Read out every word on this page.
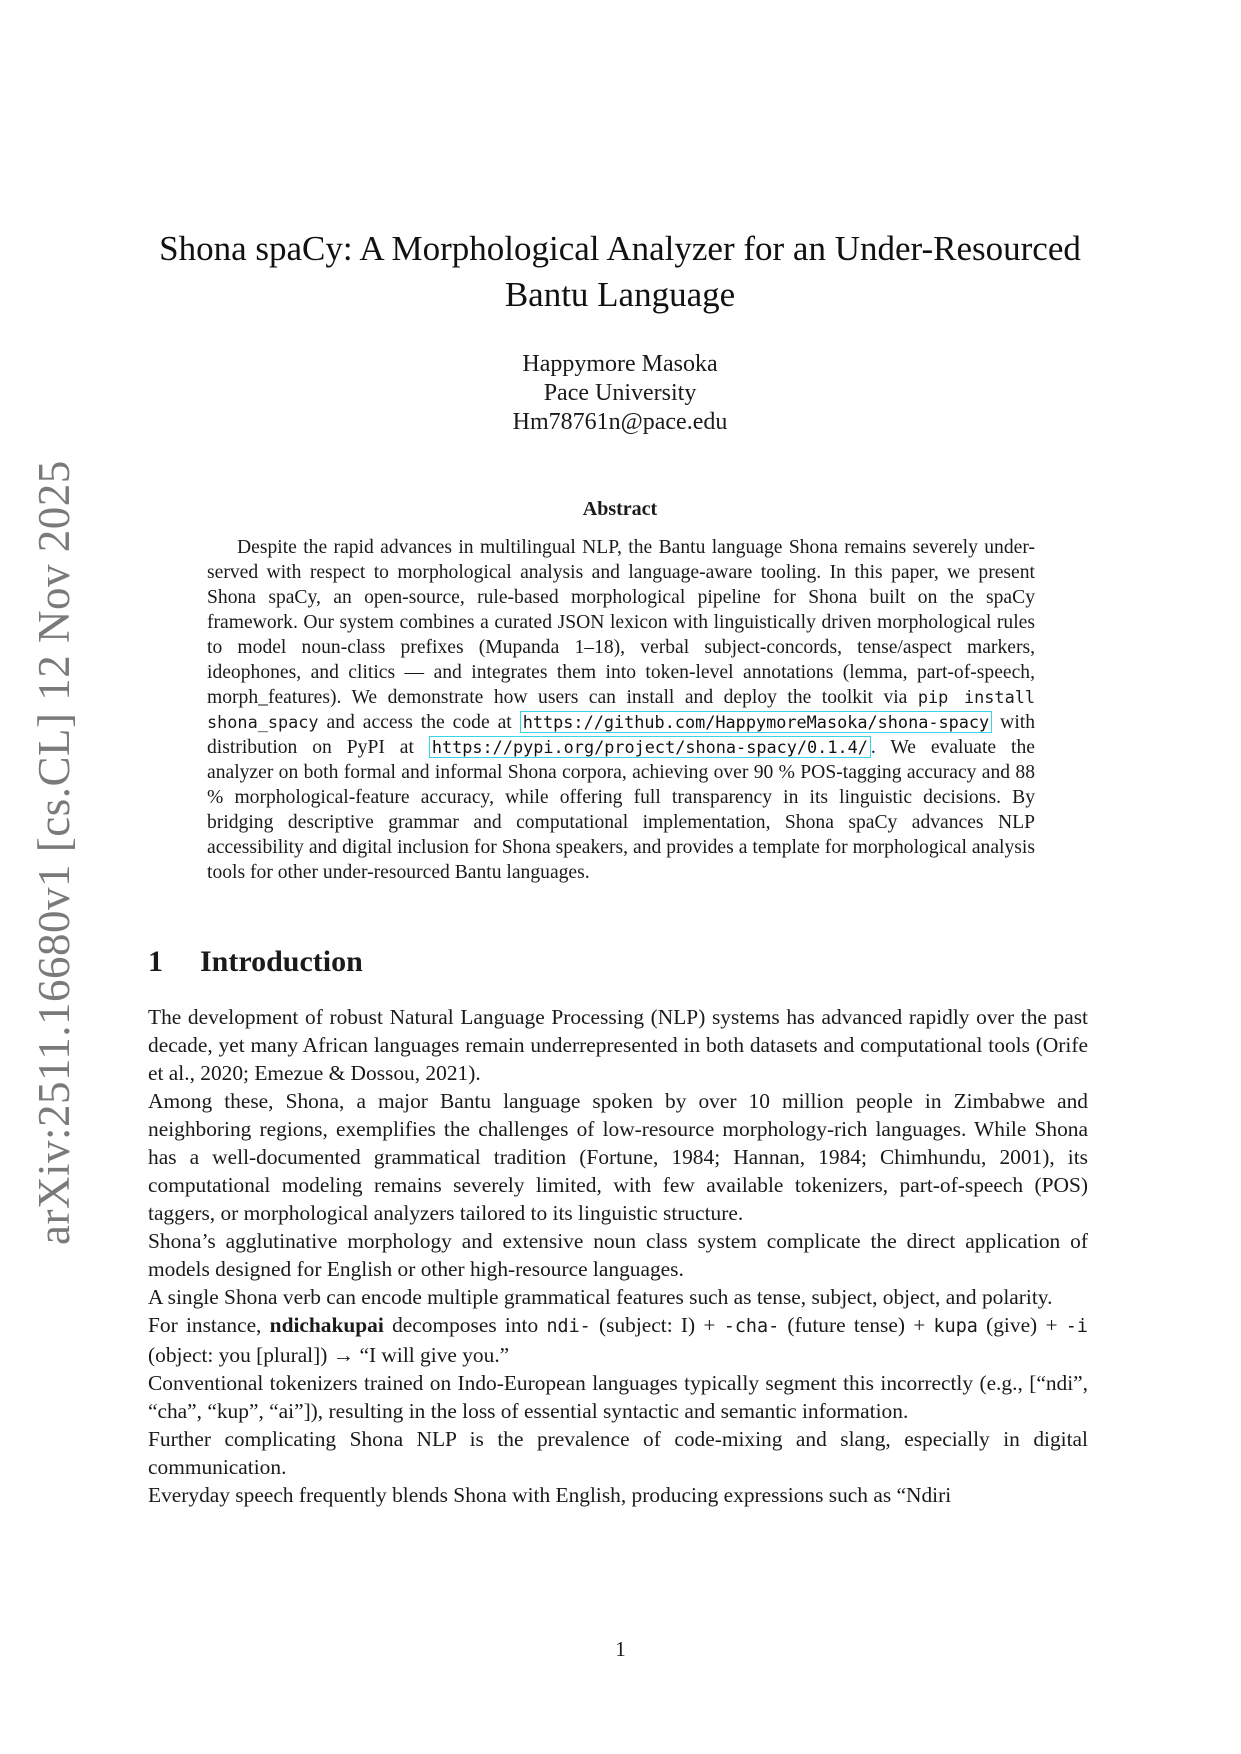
arXiv:2511.16680v1 [cs.CL] 12 Nov 2025
Shona spaCy: A Morphological Analyzer for an Under-Resourced
Bantu Language
Happymore Masoka
Pace University
Hm78761n@pace.edu
Abstract

Despite the rapid advances in multilingual NLP, the Bantu language Shona remains severely under-served with respect to morphological analysis and language-aware tooling. In this paper, we present Shona spaCy, an open-source, rule-based morphological pipeline for Shona built on the spaCy framework. Our system combines a curated JSON lexicon with linguistically driven morphological rules to model noun-class prefixes (Mupanda 1–18), verbal subject-concords, tense/aspect markers, ideophones, and clitics — and integrates them into token-level annotations (lemma, part-of-speech, morph_features). We demonstrate how users can install and deploy the toolkit via pip install shona_spacy and access the code at https://github.com/HappymoreMasoka/shona-spacy with distribution on PyPI at https://pypi.org/project/shona-spacy/0.1.4/ . We evaluate the analyzer on both formal and informal Shona corpora, achieving over 90 % POS-tagging accuracy and 88 % morphological-feature accuracy, while offering full transparency in its linguistic decisions. By bridging descriptive grammar and computational implementation, Shona spaCy advances NLP accessibility and digital inclusion for Shona speakers, and provides a template for morphological analysis tools for other under-resourced Bantu languages.

1 Introduction

The development of robust Natural Language Processing (NLP) systems has advanced rapidly over the past decade, yet many African languages remain underrepresented in both datasets and computational tools (Orife et al., 2020; Emezue & Dossou, 2021).

Among these, Shona, a major Bantu language spoken by over 10 million people in Zimbabwe and neighboring regions, exemplifies the challenges of low-resource morphology-rich languages. While Shona has a well-documented grammatical tradition (Fortune, 1984; Hannan, 1984; Chimhundu, 2001), its computational modeling remains severely limited, with few available tokenizers, part-of-speech (POS) taggers, or morphological analyzers tailored to its linguistic structure.

Shona’s agglutinative morphology and extensive noun class system complicate the direct application of models designed for English or other high-resource languages.

A single Shona verb can encode multiple grammatical features such as tense, subject, object, and polarity.

For instance, ndichakupai decomposes into ndi- (subject: I) + -cha- (future tense) + kupa (give) + -i (object: you [plural]) → “I will give you.”

Conventional tokenizers trained on Indo-European languages typically segment this incorrectly (e.g., [“ndi”, “cha”, “kup”, “ai”]), resulting in the loss of essential syntactic and semantic information.

Further complicating Shona NLP is the prevalence of code-mixing and slang, especially in digital communication.

Everyday speech frequently blends Shona with English, producing expressions such as “Ndiri

1
